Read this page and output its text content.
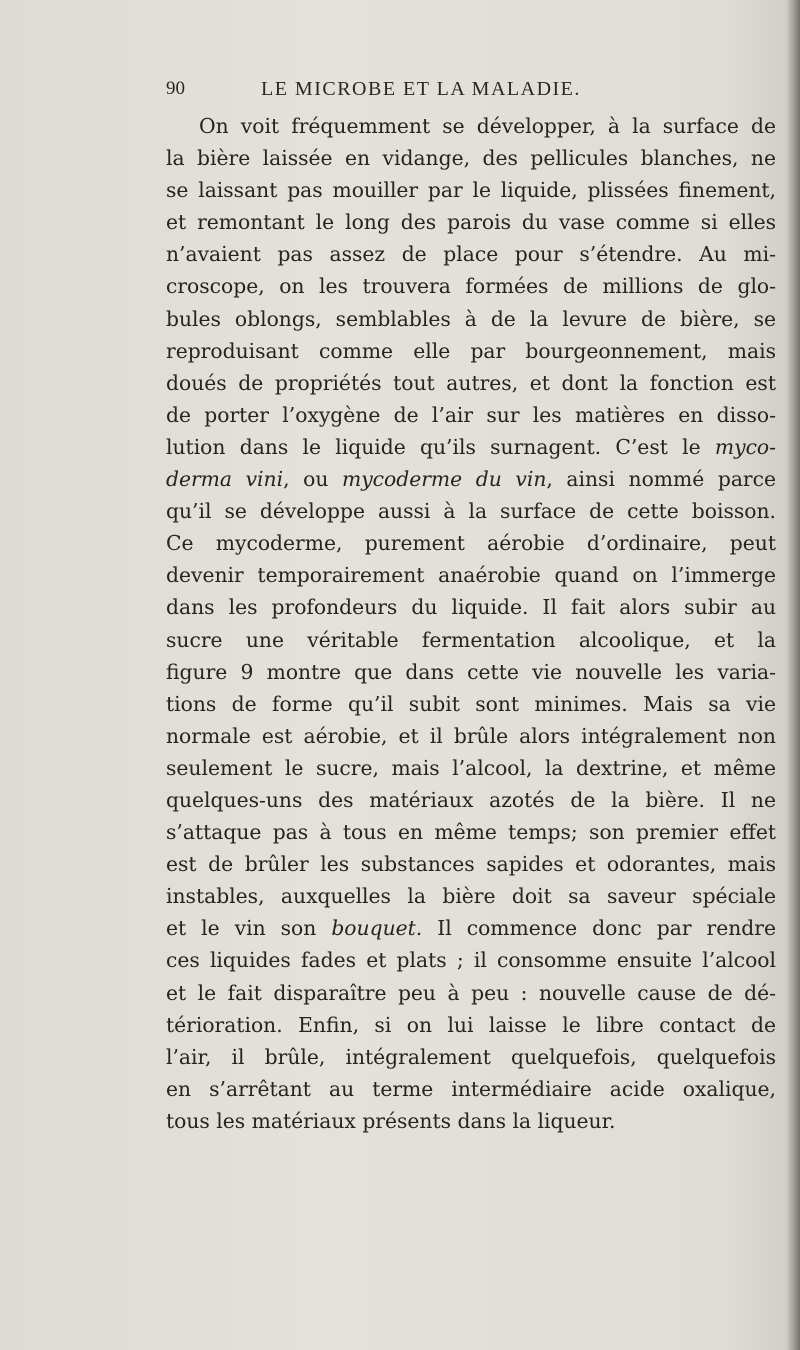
90	LE MICROBE ET LA MALADIE.
On voit fréquemment se développer, à la surface de
la bière laissée en vidange, des pellicules blanches, ne
se laissant pas mouiller par le liquide, plissées finement,
et remontant le long des parois du vase comme si elles
n’avaient pas assez de place pour s’étendre. Au mi-
croscope, on les trouvera formées de millions de glo-
bules oblongs, semblables à de la levure de bière, se
reproduisant comme elle par bourgeonnement, mais
doués de propriétés tout autres, et dont la fonction est
de porter l’oxygène de l’air sur les matières en disso-
lution dans le liquide qu’ils surnagent. C’est le myco-
derma vini, ou mycoderme du vin, ainsi nommé parce
qu’il se développe aussi à la surface de cette boisson.
Ce mycoderme, purement aérobie d’ordinaire, peut
devenir temporairement anaérobie quand on l’immerge
dans les profondeurs du liquide. Il fait alors subir au
sucre une véritable fermentation alcoolique, et la
figure 9 montre que dans cette vie nouvelle les varia-
tions de forme qu’il subit sont minimes. Mais sa vie
normale est aérobie, et il brûle alors intégralement non
seulement le sucre, mais l’alcool, la dextrine, et même
quelques-uns des matériaux azotés de la bière. Il ne
s’attaque pas à tous en même temps; son premier effet
est de brûler les substances sapides et odorantes, mais
instables, auxquelles la bière doit sa saveur spéciale
et le vin son bouquet. Il commence donc par rendre
ces liquides fades et plats ; il consomme ensuite l’alcool
et le fait disparaître peu à peu : nouvelle cause de dé-
térioration. Enfin, si on lui laisse le libre contact de
l’air, il brûle, intégralement quelquefois, quelquefois
en s’arrêtant au terme intermédiaire acide oxalique,
tous les matériaux présents dans la liqueur.
